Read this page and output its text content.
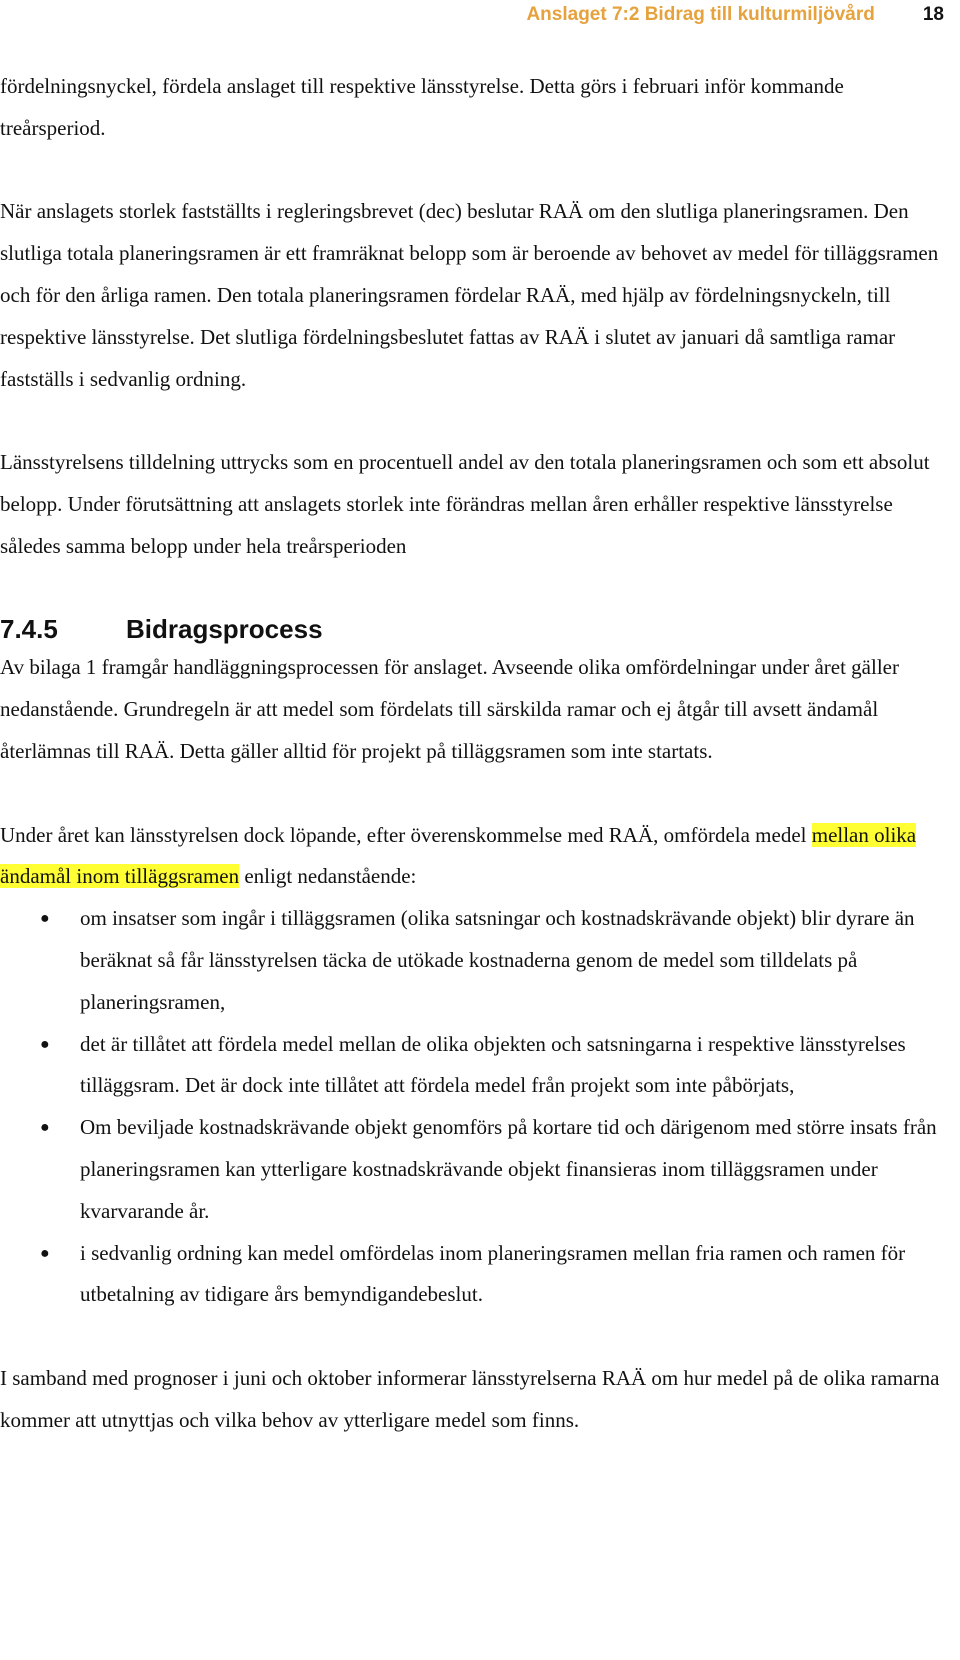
Anslaget 7:2 Bidrag till kulturmiljövård	18

fördelningsnyckel, fördela anslaget till respektive länsstyrelse. Detta görs i februari inför kommande treårsperiod.

När anslagets storlek fastställts i regleringsbrevet (dec) beslutar RAÄ om den slutliga planeringsramen. Den slutliga totala planeringsramen är ett framräknat belopp som är beroende av behovet av medel för tilläggsramen och för den årliga ramen. Den totala planeringsramen fördelar RAÄ, med hjälp av fördelningsnyckeln, till respektive länsstyrelse. Det slutliga fördelningsbeslutet fattas av RAÄ i slutet av januari då samtliga ramar fastställs i sedvanlig ordning.

Länsstyrelsens tilldelning uttrycks som en procentuell andel av den totala planeringsramen och som ett absolut belopp. Under förutsättning att anslagets storlek inte förändras mellan åren erhåller respektive länsstyrelse således samma belopp under hela treårsperioden

7.4.5	Bidragsprocess

Av bilaga 1 framgår handläggningsprocessen för anslaget. Avseende olika omfördelningar under året gäller nedanstående. Grundregeln är att medel som fördelats till särskilda ramar och ej åtgår till avsett ändamål återlämnas till RAÄ. Detta gäller alltid för projekt på tilläggsramen som inte startats.

Under året kan länsstyrelsen dock löpande, efter överenskommelse med RAÄ, omfördela medel mellan olika ändamål inom tilläggsramen enligt nedanstående:

● om insatser som ingår i tilläggsramen (olika satsningar och kostnadskrävande objekt) blir dyrare än beräknat så får länsstyrelsen täcka de utökade kostnaderna genom de medel som tilldelats på planeringsramen,
● det är tillåtet att fördela medel mellan de olika objekten och satsningarna i respektive länsstyrelses tilläggsram. Det är dock inte tillåtet att fördela medel från projekt som inte påbörjats,
● Om beviljade kostnadskrävande objekt genomförs på kortare tid och därigenom med större insats från planeringsramen kan ytterligare kostnadskrävande objekt finansieras inom tilläggsramen under kvarvarande år.
● i sedvanlig ordning kan medel omfördelas inom planeringsramen mellan fria ramen och ramen för utbetalning av tidigare års bemyndigandebeslut.

I samband med prognoser i juni och oktober informerar länsstyrelserna RAÄ om hur medel på de olika ramarna kommer att utnyttjas och vilka behov av ytterligare medel som finns.
